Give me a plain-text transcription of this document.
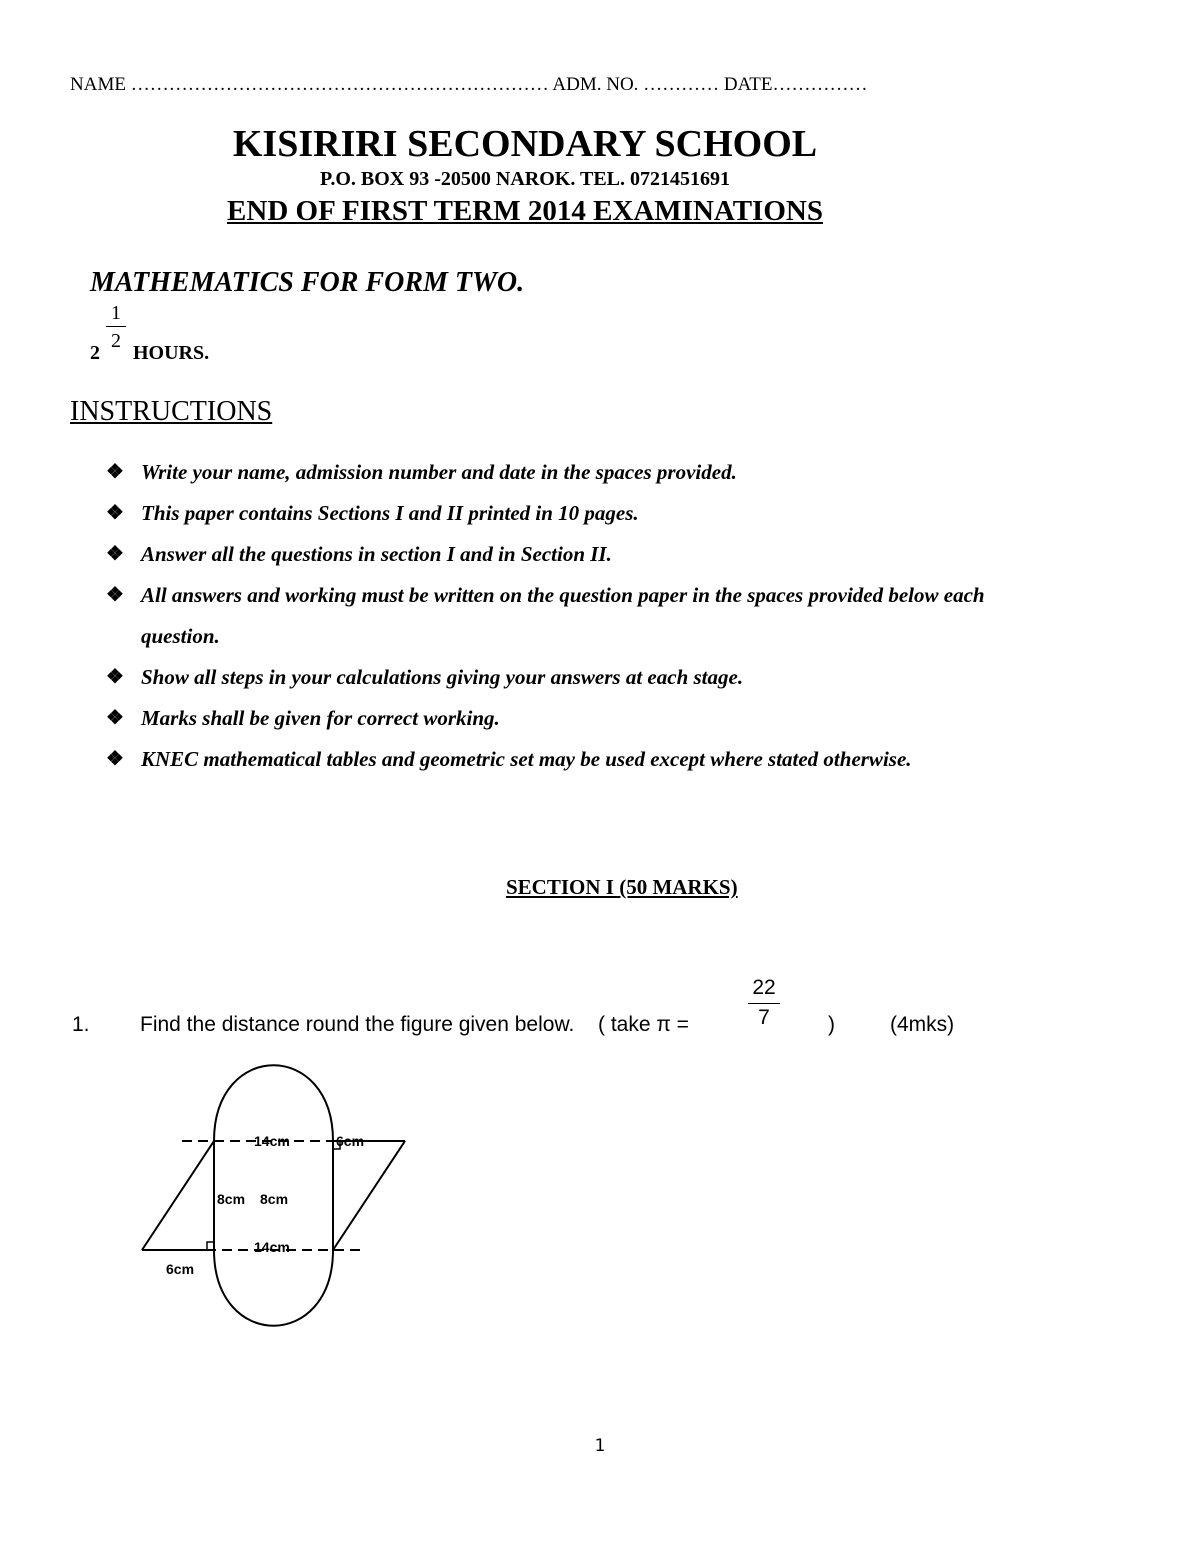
NAME ………………………………………………………… ADM. NO. ………… DATE……………
KISIRIRI SECONDARY SCHOOL
P.O. BOX 93 -20500 NAROK. TEL. 0721451691
END OF FIRST TERM 2014 EXAMINATIONS
MATHEMATICS FOR FORM TWO.
2
1
2
HOURS.
INSTRUCTIONS
❖ Write your name, admission number and date in the spaces provided.
❖ This paper contains Sections I and II printed in 10 pages.
❖ Answer all the questions in section I and in Section II.
❖ All answers and working must be written on the question paper in the spaces provided below each
question.
❖ Show all steps in your calculations giving your answers at each stage.
❖ Marks shall be given for correct working.
❖ KNEC mathematical tables and geometric set may be used except where stated otherwise.
SECTION I (50 MARKS)
1. Find the distance round the figure given below. ( take π =
22
7	)	(4mks)
14cm	6cm
8cm 8cm
14cm
6cm
1
